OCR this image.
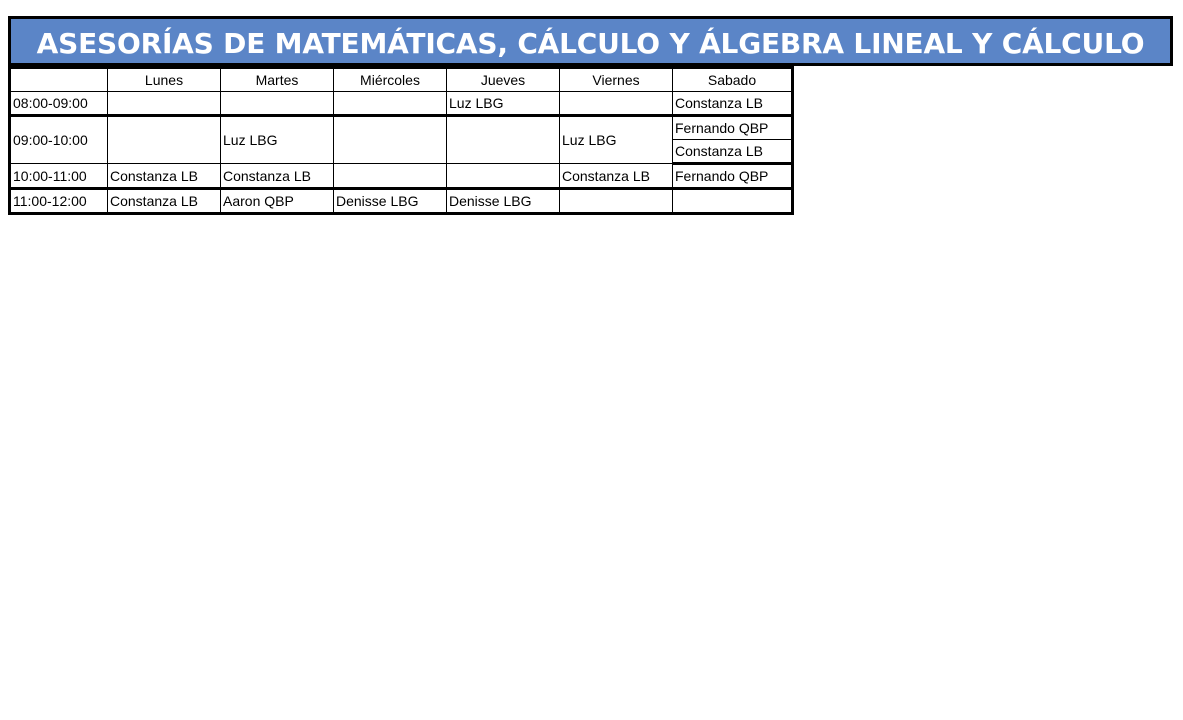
ASESORÍAS DE MATEMÁTICAS, CÁLCULO Y ÁLGEBRA LINEAL Y CÁLCULO
	Lunes	Martes	Miércoles	Jueves	Viernes	Sabado
08:00-09:00				Luz LBG		Constanza LB
09:00-10:00		Luz LBG			Luz LBG	Fernando QBP
						Constanza LB
10:00-11:00	Constanza LB	Constanza LB			Constanza LB	Fernando QBP
11:00-12:00	Constanza LB	Aaron QBP	Denisse LBG	Denisse LBG		
